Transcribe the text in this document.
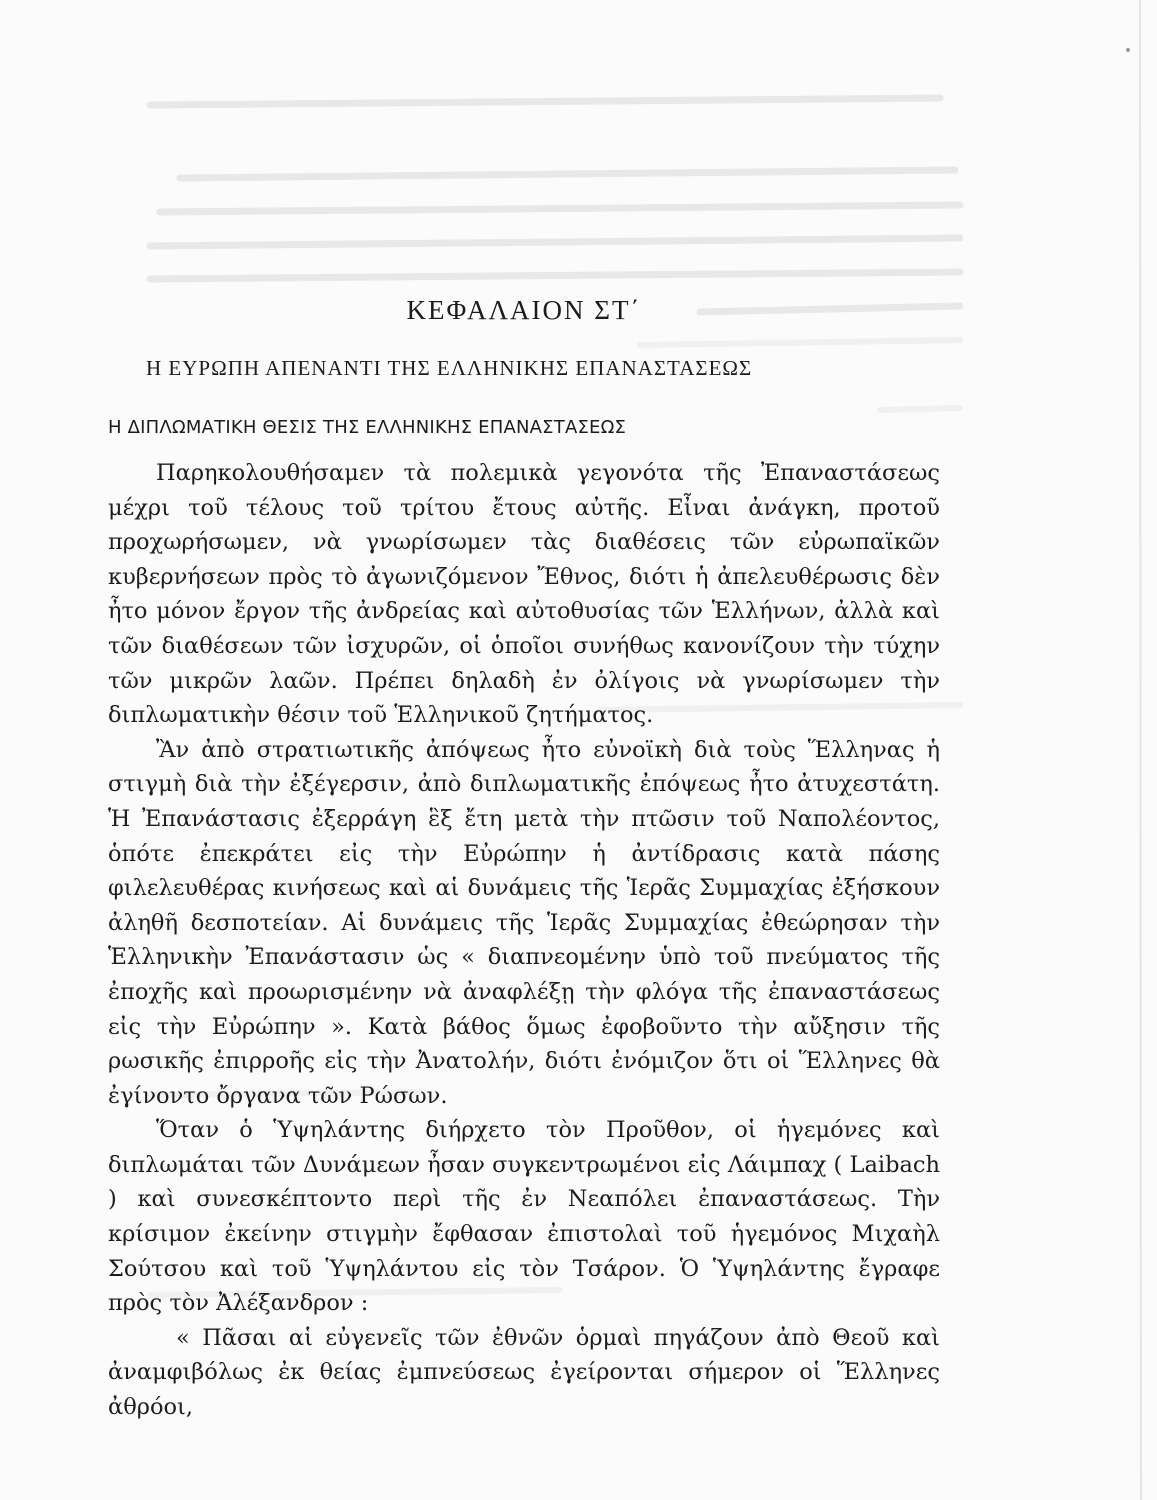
ΚΕΦΑΛΑΙΟΝ ΣΤ΄
Η ΕΥΡΩΠΗ ΑΠΕΝΑΝΤΙ ΤΗΣ ΕΛΛΗΝΙΚΗΣ ΕΠΑΝΑΣΤΑΣΕΩΣ
Η ΔΙΠΛΩΜΑΤΙΚΗ ΘΕΣΙΣ ΤΗΣ ΕΛΛΗΝΙΚΗΣ ΕΠΑΝΑΣΤΑΣΕΩΣ

Παρηκολουθήσαμεν τὰ πολεμικὰ γεγονότα τῆς Ἐπαναστάσεως μέχρι τοῦ τέλους τοῦ τρίτου ἔτους αὐτῆς. Εἶναι ἀνάγκη, προτοῦ προχωρήσωμεν, νὰ γνωρίσωμεν τὰς διαθέσεις τῶν εὐρωπαϊκῶν κυβερνήσεων πρὸς τὸ ἀγωνιζόμενον Ἔθνος, διότι ἡ ἀπελευθέρωσις δὲν ἦτο μόνον ἔργον τῆς ἀνδρείας καὶ αὐτοθυσίας τῶν Ἑλλήνων, ἀλλὰ καὶ τῶν διαθέσεων τῶν ἰσχυρῶν, οἱ ὁποῖοι συνήθως κανονίζουν τὴν τύχην τῶν μικρῶν λαῶν. Πρέπει δηλαδὴ ἐν ὀλίγοις νὰ γνωρίσωμεν τὴν διπλωματικὴν θέσιν τοῦ Ἑλληνικοῦ ζητήματος.

Ἂν ἀπὸ στρατιωτικῆς ἀπόψεως ἦτο εὐνοϊκὴ διὰ τοὺς Ἕλληνας ἡ στιγμὴ διὰ τὴν ἐξέγερσιν, ἀπὸ διπλωματικῆς ἐπόψεως ἦτο ἀτυχεστάτη. Ἡ Ἐπανάστασις ἐξερράγη ἓξ ἔτη μετὰ τὴν πτῶσιν τοῦ Ναπολέοντος, ὁπότε ἐπεκράτει εἰς τὴν Εὐρώπην ἡ ἀντίδρασις κατὰ πάσης φιλελευθέρας κινήσεως καὶ αἱ δυνάμεις τῆς Ἱερᾶς Συμμαχίας ἐξήσκουν ἀληθῆ δεσποτείαν. Αἱ δυνάμεις τῆς Ἱερᾶς Συμμαχίας ἐθεώρησαν τὴν Ἑλληνικὴν Ἐπανάστασιν ὡς « διαπνεομένην ὑπὸ τοῦ πνεύματος τῆς ἐποχῆς καὶ προωρισμένην νὰ ἀναφλέξῃ τὴν φλόγα τῆς ἐπαναστάσεως εἰς τὴν Εὐρώπην ». Κατὰ βάθος ὅμως ἐφοβοῦντο τὴν αὔξησιν τῆς ρωσικῆς ἐπιρροῆς εἰς τὴν Ἀνατολήν, διότι ἐνόμιζον ὅτι οἱ Ἕλληνες θὰ ἐγίνοντο ὄργανα τῶν Ρώσων.

Ὅταν ὁ Ὑψηλάντης διήρχετο τὸν Προῦθον, οἱ ἡγεμόνες καὶ διπλωμάται τῶν Δυνάμεων ἦσαν συγκεντρωμένοι εἰς Λάιμπαχ ( Laibach ) καὶ συνεσκέπτοντο περὶ τῆς ἐν Νεαπόλει ἐπαναστάσεως. Τὴν κρίσιμον ἐκείνην στιγμὴν ἔφθασαν ἐπιστολαὶ τοῦ ἡγεμόνος Μιχαὴλ Σούτσου καὶ τοῦ Ὑψηλάντου εἰς τὸν Τσάρον. Ὁ Ὑψηλάντης ἔγραφε πρὸς τὸν Ἀλέξανδρον :

« Πᾶσαι αἱ εὐγενεῖς τῶν ἐθνῶν ὁρμαὶ πηγάζουν ἀπὸ Θεοῦ καὶ ἀναμφιβόλως ἐκ θείας ἐμπνεύσεως ἐγείρονται σήμερον οἱ Ἕλληνες ἀθρόοι,
